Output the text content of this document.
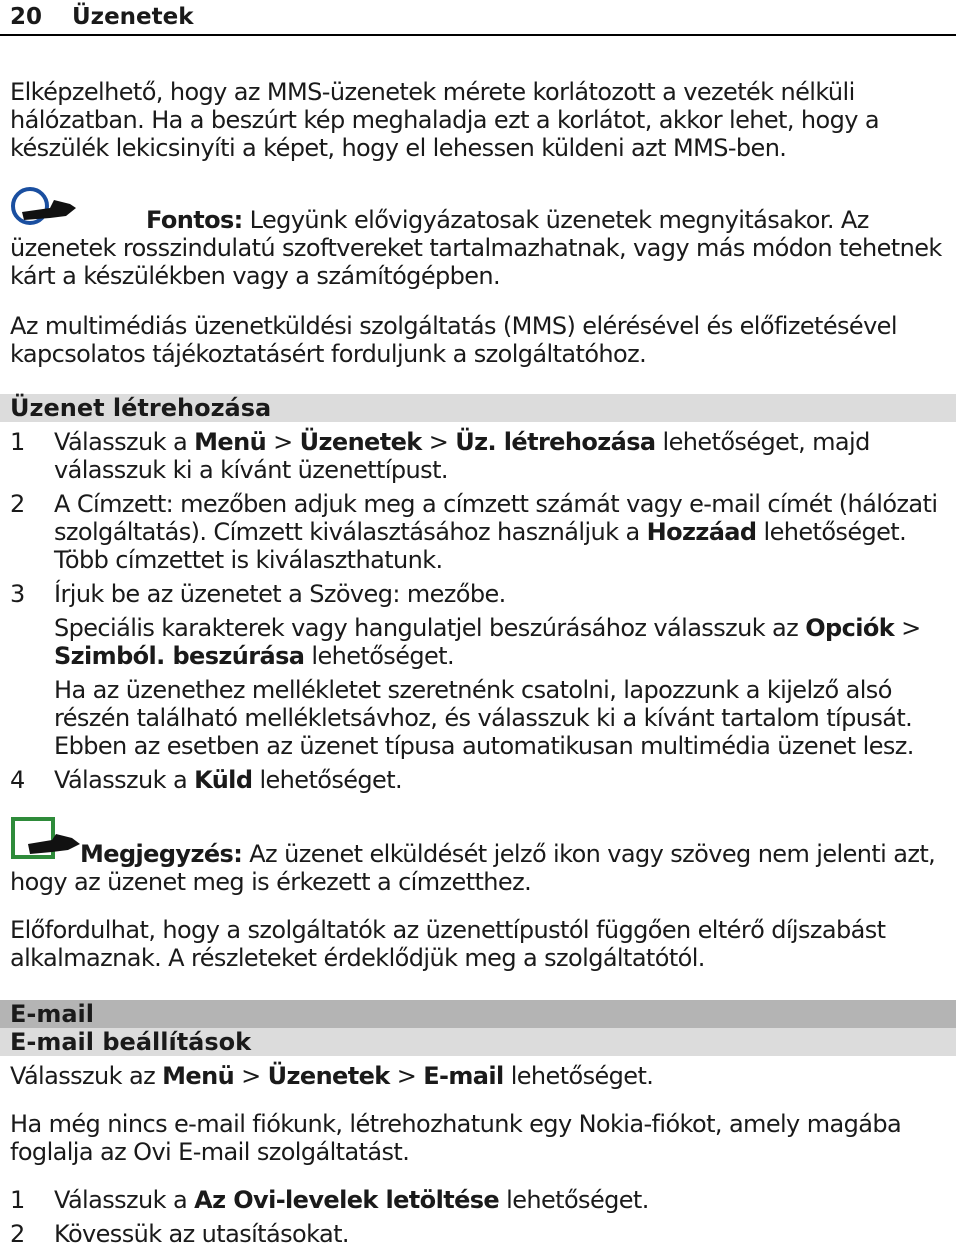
20 Üzenetek
Elképzelhető, hogy az MMS-üzenetek mérete korlátozott a vezeték nélküli hálózatban. Ha a beszúrt kép meghaladja ezt a korlátot, akkor lehet, hogy a készülék lekicsinyíti a képet, hogy el lehessen küldeni azt MMS-ben.
Fontos: Legyünk elővigyázatosak üzenetek megnyitásakor. Az üzenetek rosszindulatú szoftvereket tartalmazhatnak, vagy más módon tehetnek kárt a készülékben vagy a számítógépben.
Az multimédiás üzenetküldési szolgáltatás (MMS) elérésével és előfizetésével kapcsolatos tájékoztatásért forduljunk a szolgáltatóhoz.
Üzenet létrehozása
1	Válasszuk a Menü > Üzenetek > Üz. létrehozása lehetőséget, majd válasszuk ki a kívánt üzenettípust.
2	A Címzett: mezőben adjuk meg a címzett számát vagy e-mail címét (hálózati szolgáltatás). Címzett kiválasztásához használjuk a Hozzáad lehetőséget. Több címzettet is kiválaszthatunk.
3	Írjuk be az üzenetet a Szöveg: mezőbe.
Speciális karakterek vagy hangulatjel beszúrásához válasszuk az Opciók > Szimból. beszúrása lehetőséget.
Ha az üzenethez mellékletet szeretnénk csatolni, lapozzunk a kijelző alsó részén található mellékletsávhoz, és válasszuk ki a kívánt tartalom típusát. Ebben az esetben az üzenet típusa automatikusan multimédia üzenet lesz.
4	Válasszuk a Küld lehetőséget.
Megjegyzés: Az üzenet elküldését jelző ikon vagy szöveg nem jelenti azt, hogy az üzenet meg is érkezett a címzetthez.
Előfordulhat, hogy a szolgáltatók az üzenettípustól függően eltérő díjszabást alkalmaznak. A részleteket érdeklődjük meg a szolgáltatótól.
E-mail
E-mail beállítások
Válasszuk az Menü > Üzenetek > E-mail lehetőséget.
Ha még nincs e-mail fiókunk, létrehozhatunk egy Nokia-fiókot, amely magába foglalja az Ovi E-mail szolgáltatást.
1	Válasszuk a Az Ovi-levelek letöltése lehetőséget.
2	Kövessük az utasításokat.
